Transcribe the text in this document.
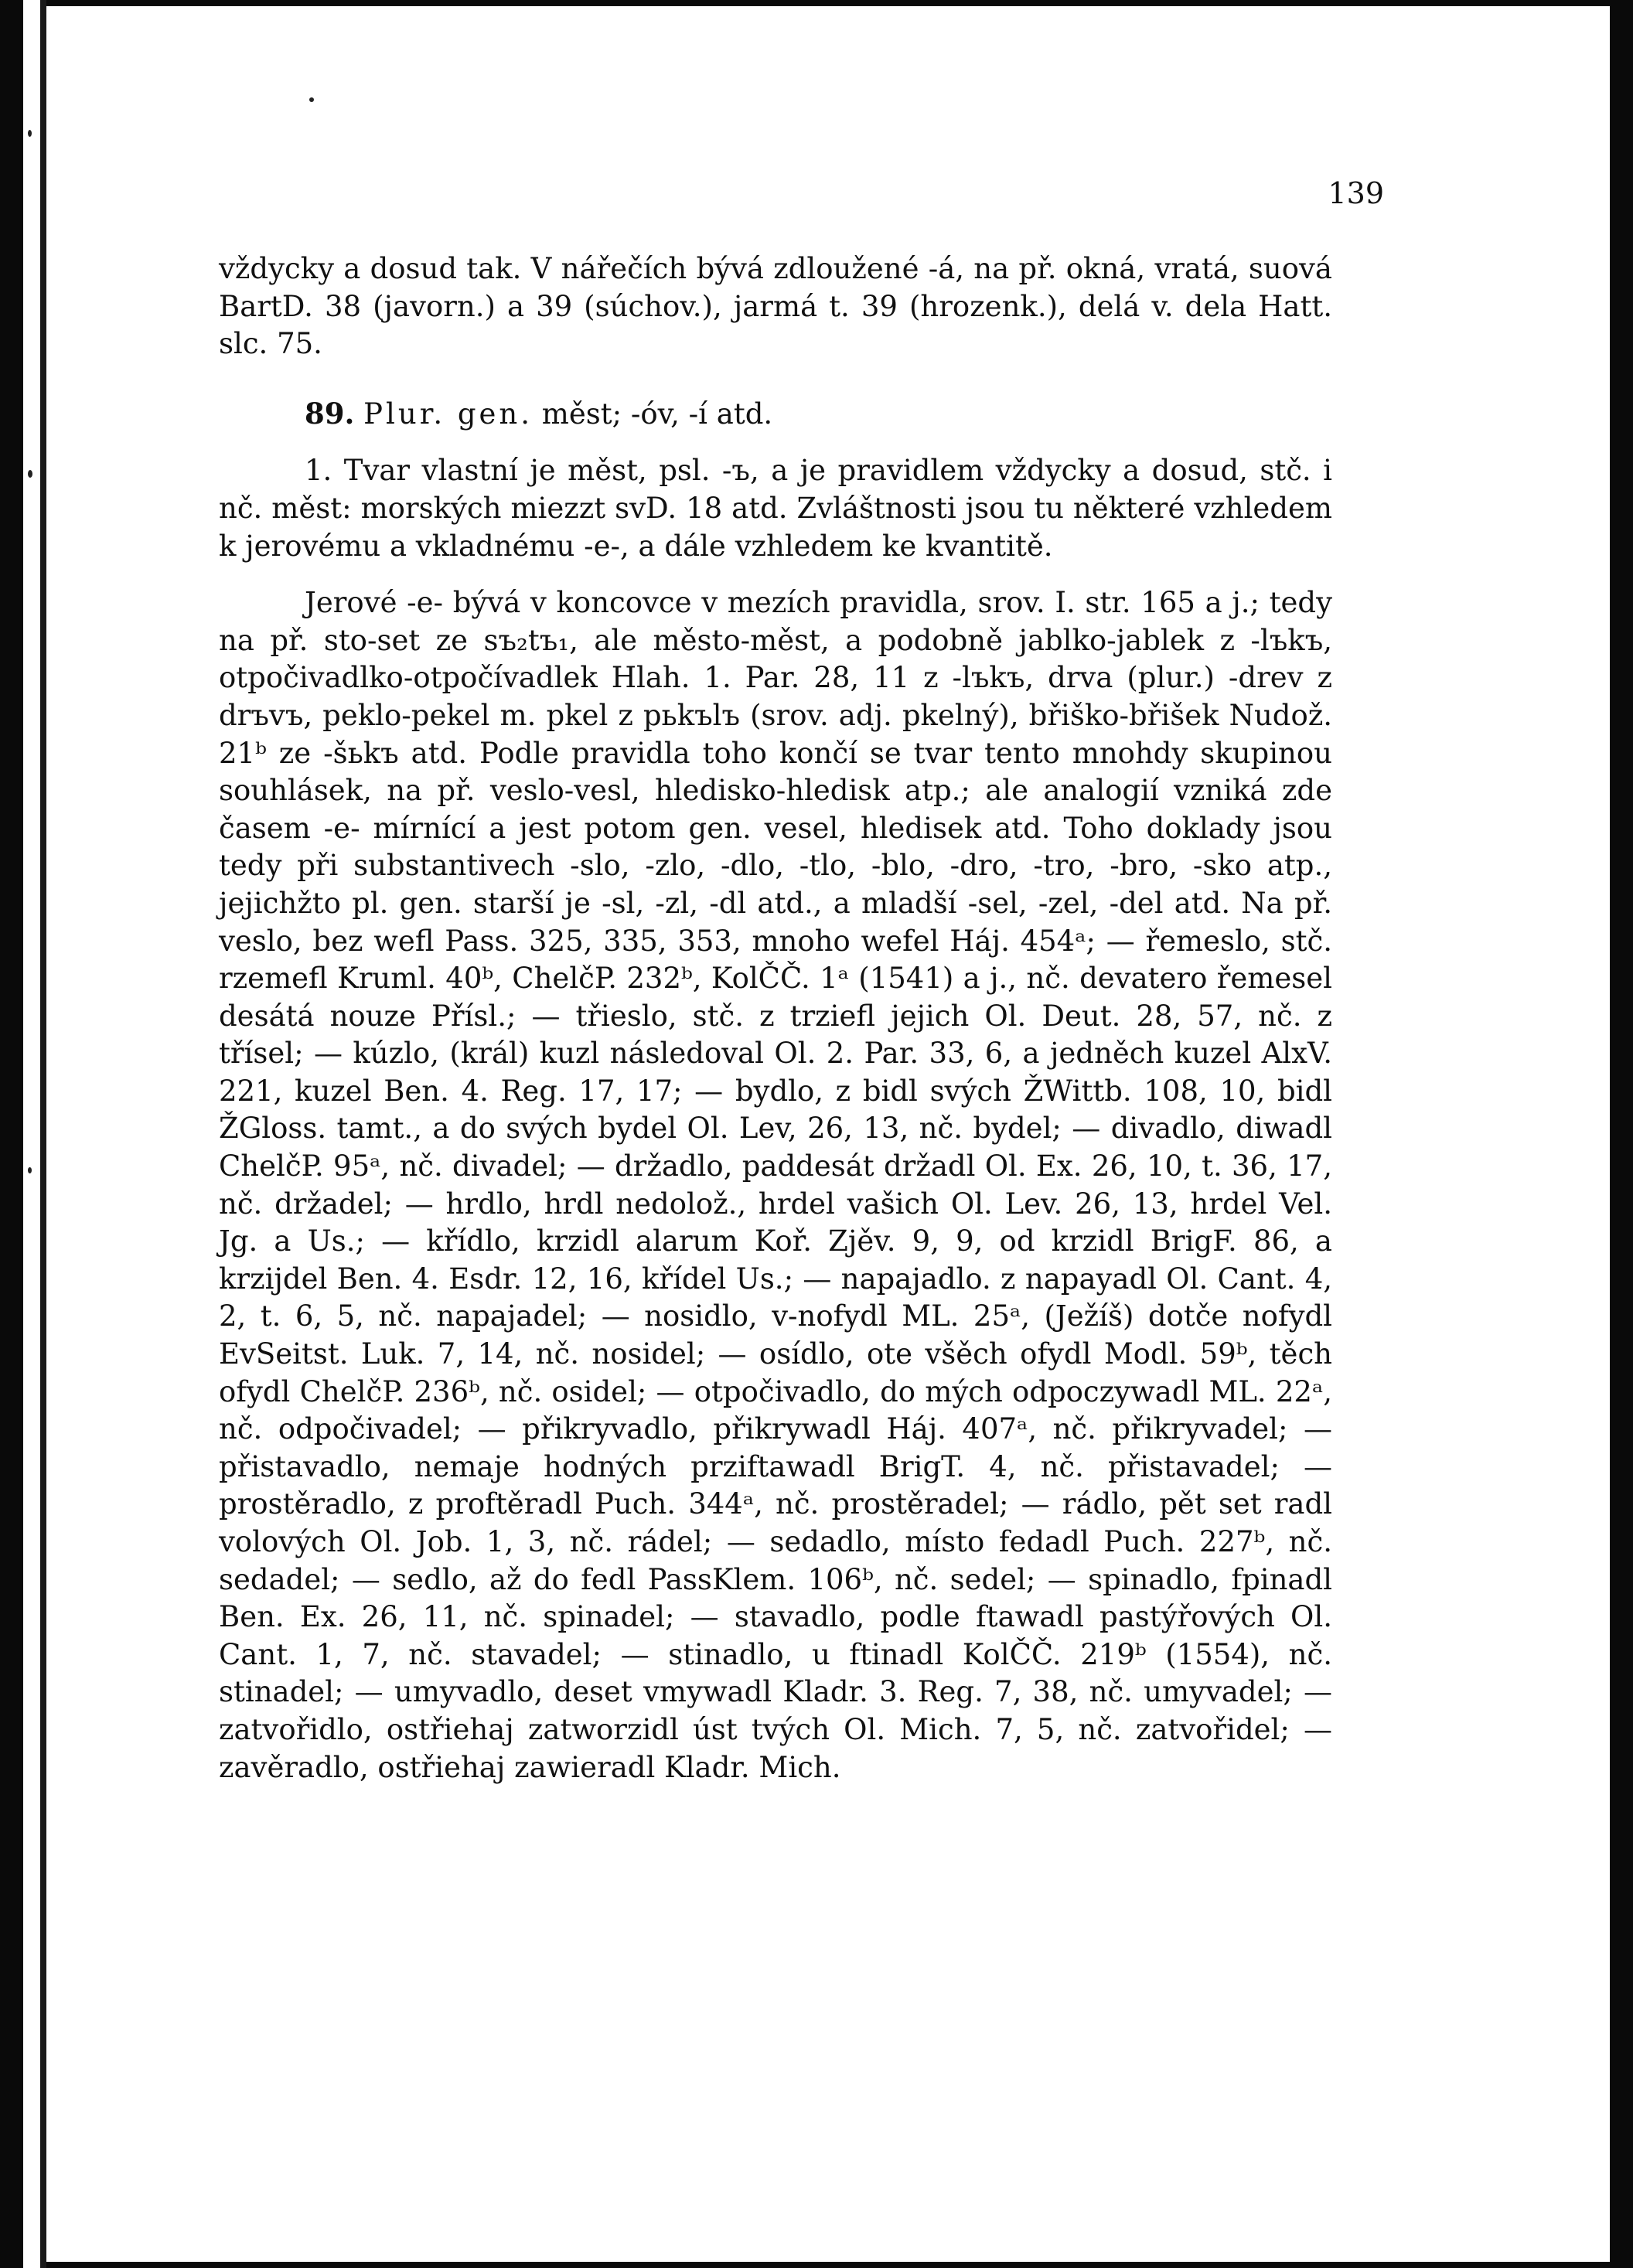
139

vždycky a dosud tak. V nářečích bývá zdloužené -á, na př. okná, vratá, suová BartD. 38 (javorn.) a 39 (súchov.), jarmá t. 39 (hrozenk.), delá v. dela Hatt. slc. 75.

89. Plur. gen. měst; -óv, -í atd.

1. Tvar vlastní je měst, psl. -ъ, a je pravidlem vždycky a dosud, stč. i nč. měst: morských miezzt svD. 18 atd. Zvláštnosti jsou tu některé vzhledem k jerovému a vkladnému -e-, a dále vzhledem ke kvantitě.

Jerové -e- bývá v koncovce v mezích pravidla, srov. I. str. 165 a j.; tedy na př. sto-set ze sъ₂tъ₁, ale město-měst, a podobně jablko-jablek z -lъkъ, otpočivadlko-otpočívadlek Hlah. 1. Par. 28, 11 z -lъkъ, drva (plur.) -drev z drъvъ, peklo-pekel m. pkel z pьkъlъ (srov. adj. pkelný), břiško-břišek Nudož. 21ᵇ ze -šьkъ atd. Podle pravidla toho končí se tvar tento mnohdy skupinou souhlásek, na př. veslo-vesl, hledisko-hledisk atp.; ale analogií vzniká zde časem -e- mírnící a jest potom gen. vesel, hledisek atd. Toho doklady jsou tedy při substantivech -slo, -zlo, -dlo, -tlo, -blo, -dro, -tro, -bro, -sko atp., jejichžto pl. gen. starší je -sl, -zl, -dl atd., a mladší -sel, -zel, -del atd. Na př. veslo, bez wefl Pass. 325, 335, 353, mnoho wefel Háj. 454ᵃ; — řemeslo, stč. rzemefl Kruml. 40ᵇ, ChelčP. 232ᵇ, KolČČ. 1ᵃ (1541) a j., nč. devatero řemesel desátá nouze Přísl.; — třieslo, stč. z trziefl jejich Ol. Deut. 28, 57, nč. z třísel; — kúzlo, (král) kuzl následoval Ol. 2. Par. 33, 6, a jedněch kuzel AlxV. 221, kuzel Ben. 4. Reg. 17, 17; — bydlo, z bidl svých ŽWittb. 108, 10, bidl ŽGloss. tamt., a do svých bydel Ol. Lev, 26, 13, nč. bydel; — divadlo, diwadl ChelčP. 95ᵃ, nč. divadel; — držadlo, paddesát držadl Ol. Ex. 26, 10, t. 36, 17, nč. držadel; — hrdlo, hrdl nedolož., hrdel vašich Ol. Lev. 26, 13, hrdel Vel. Jg. a Us.; — křídlo, krzidl alarum Koř. Zjěv. 9, 9, od krzidl BrigF. 86, a krzijdel Ben. 4. Esdr. 12, 16, křídel Us.; — napajadlo. z napayadl Ol. Cant. 4, 2, t. 6, 5, nč. napajadel; — nosidlo, v-nofydl ML. 25ᵃ, (Ježíš) dotče nofydl EvSeitst. Luk. 7, 14, nč. nosidel; — osídlo, ote všěch ofydl Modl. 59ᵇ, těch ofydl ChelčP. 236ᵇ, nč. osidel; — otpočivadlo, do mých odpoczywadl ML. 22ᵃ, nč. odpočivadel; — přikryvadlo, přikrywadl Háj. 407ᵃ, nč. přikryvadel; — přistavadlo, nemaje hodných prziftawadl BrigT. 4, nč. přistavadel; — prostěradlo, z proftěradl Puch. 344ᵃ, nč. prostěradel; — rádlo, pět set radl volových Ol. Job. 1, 3, nč. rádel; — sedadlo, místo fedadl Puch. 227ᵇ, nč. sedadel; — sedlo, až do fedl PassKlem. 106ᵇ, nč. sedel; — spinadlo, fpinadl Ben. Ex. 26, 11, nč. spinadel; — stavadlo, podle ftawadl pastýřových Ol. Cant. 1, 7, nč. stavadel; — stinadlo, u ftinadl KolČČ. 219ᵇ (1554), nč. stinadel; — umyvadlo, deset vmywadl Kladr. 3. Reg. 7, 38, nč. umyvadel; — zatvořidlo, ostřiehaj zatworzidl úst tvých Ol. Mich. 7, 5, nč. zatvořidel; — zavěradlo, ostřiehaj zawieradl Kladr. Mich.
